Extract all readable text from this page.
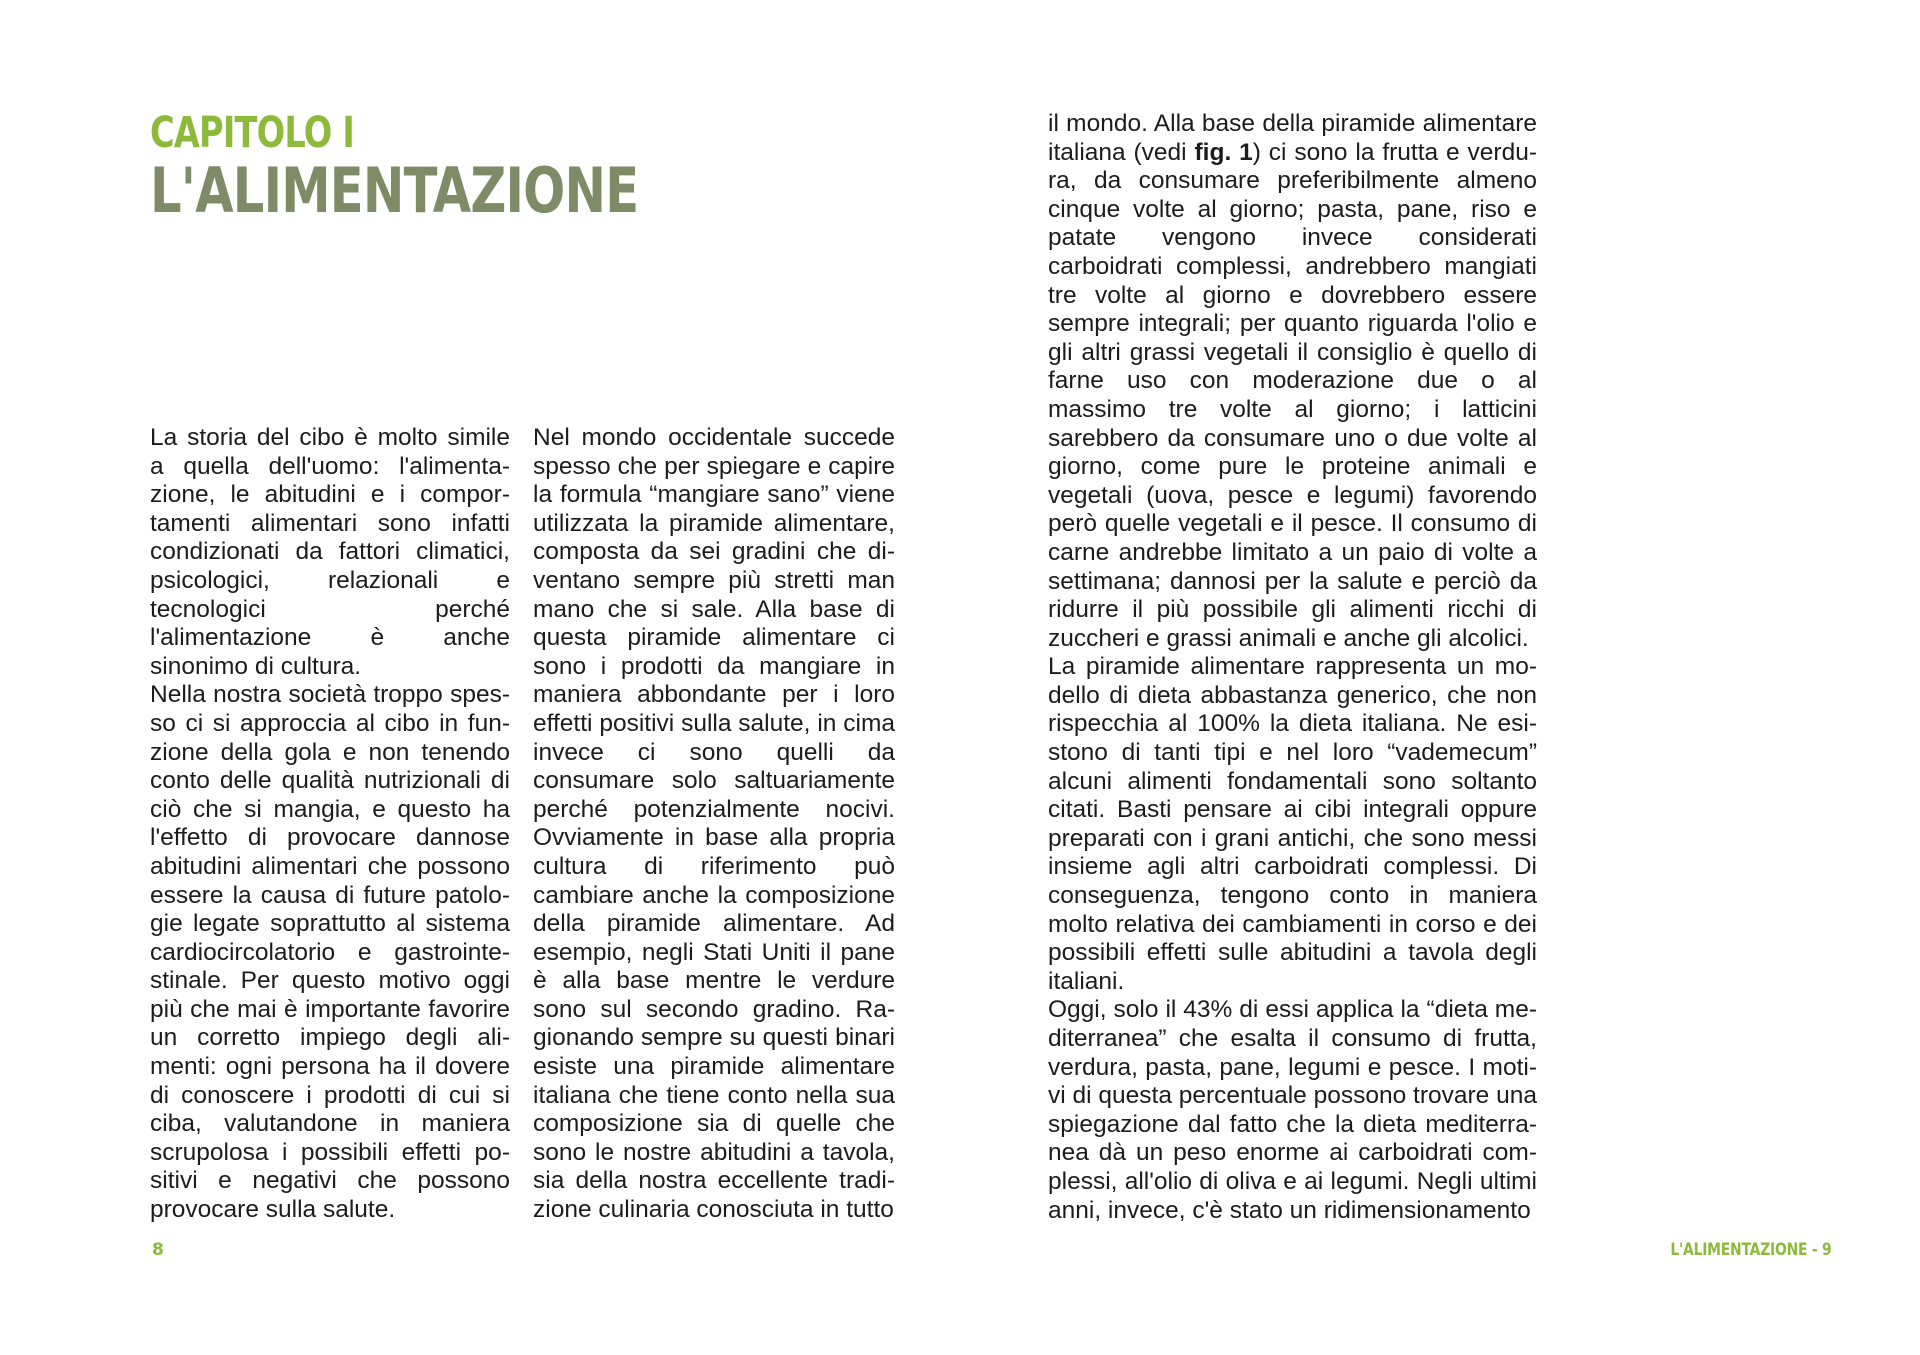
CAPITOLO I
L'ALIMENTAZIONE

La storia del cibo è molto simile a quella dell'uomo: l'alimentazione, le abitudini e i comportamenti alimentari sono infatti condizionati da fattori climatici, psicologici, relazionali e tecnologici perché l'alimentazione è anche sinonimo di cultura.

Nella nostra società troppo spesso ci si approccia al cibo in funzione della gola e non tenendo conto delle qualità nutrizionali di ciò che si mangia, e questo ha l'effetto di provocare dannose abitudini alimentari che possono essere la causa di future patologie legate soprattutto al sistema cardiocircolatorio e gastrointestinale. Per questo motivo oggi più che mai è importante favorire un corretto impiego degli alimenti: ogni persona ha il dovere di conoscere i prodotti di cui si ciba, valutandone in maniera scrupolosa i possibili effetti positivi e negativi che possono provocare sulla salute.

Nel mondo occidentale succede spesso che per spiegare e capire la formula “mangiare sano” viene utilizzata la piramide alimentare, composta da sei gradini che diventano sempre più stretti man mano che si sale. Alla base di questa piramide alimentare ci sono i prodotti da mangiare in maniera abbondante per i loro effetti positivi sulla salute, in cima invece ci sono quelli da consumare solo saltuariamente perché potenzialmente nocivi. Ovviamente in base alla propria cultura di riferimento può cambiare anche la composizione della piramide alimentare. Ad esempio, negli Stati Uniti il pane è alla base mentre le verdure sono sul secondo gradino. Ragionando sempre su questi binari esiste una piramide alimentare italiana che tiene conto nella sua composizione sia di quelle che sono le nostre abitudini a tavola, sia della nostra eccellente tradizione culinaria conosciuta in tutto

8

il mondo. Alla base della piramide alimentare italiana (vedi fig. 1) ci sono la frutta e verdura, da consumare preferibilmente almeno cinque volte al giorno; pasta, pane, riso e patate vengono invece considerati carboidrati complessi, andrebbero mangiati tre volte al giorno e dovrebbero essere sempre integrali; per quanto riguarda l'olio e gli altri grassi vegetali il consiglio è quello di farne uso con moderazione due o al massimo tre volte al giorno; i latticini sarebbero da consumare uno o due volte al giorno, come pure le proteine animali e vegetali (uova, pesce e legumi) favorendo però quelle vegetali e il pesce. Il consumo di carne andrebbe limitato a un paio di volte a settimana; dannosi per la salute e perciò da ridurre il più possibile gli alimenti ricchi di zuccheri e grassi animali e anche gli alcolici.

La piramide alimentare rappresenta un modello di dieta abbastanza generico, che non rispecchia al 100% la dieta italiana. Ne esistono di tanti tipi e nel loro “vademecum” alcuni alimenti fondamentali sono soltanto citati. Basti pensare ai cibi integrali oppure preparati con i grani antichi, che sono messi insieme agli altri carboidrati complessi. Di conseguenza, tengono conto in maniera molto relativa dei cambiamenti in corso e dei possibili effetti sulle abitudini a tavola degli italiani.

Oggi, solo il 43% di essi applica la “dieta mediterranea” che esalta il consumo di frutta, verdura, pasta, pane, legumi e pesce. I motivi di questa percentuale possono trovare una spiegazione dal fatto che la dieta mediterranea dà un peso enorme ai carboidrati complessi, all'olio di oliva e ai legumi. Negli ultimi anni, invece, c'è stato un ridimensionamento

L'ALIMENTAZIONE - 9
